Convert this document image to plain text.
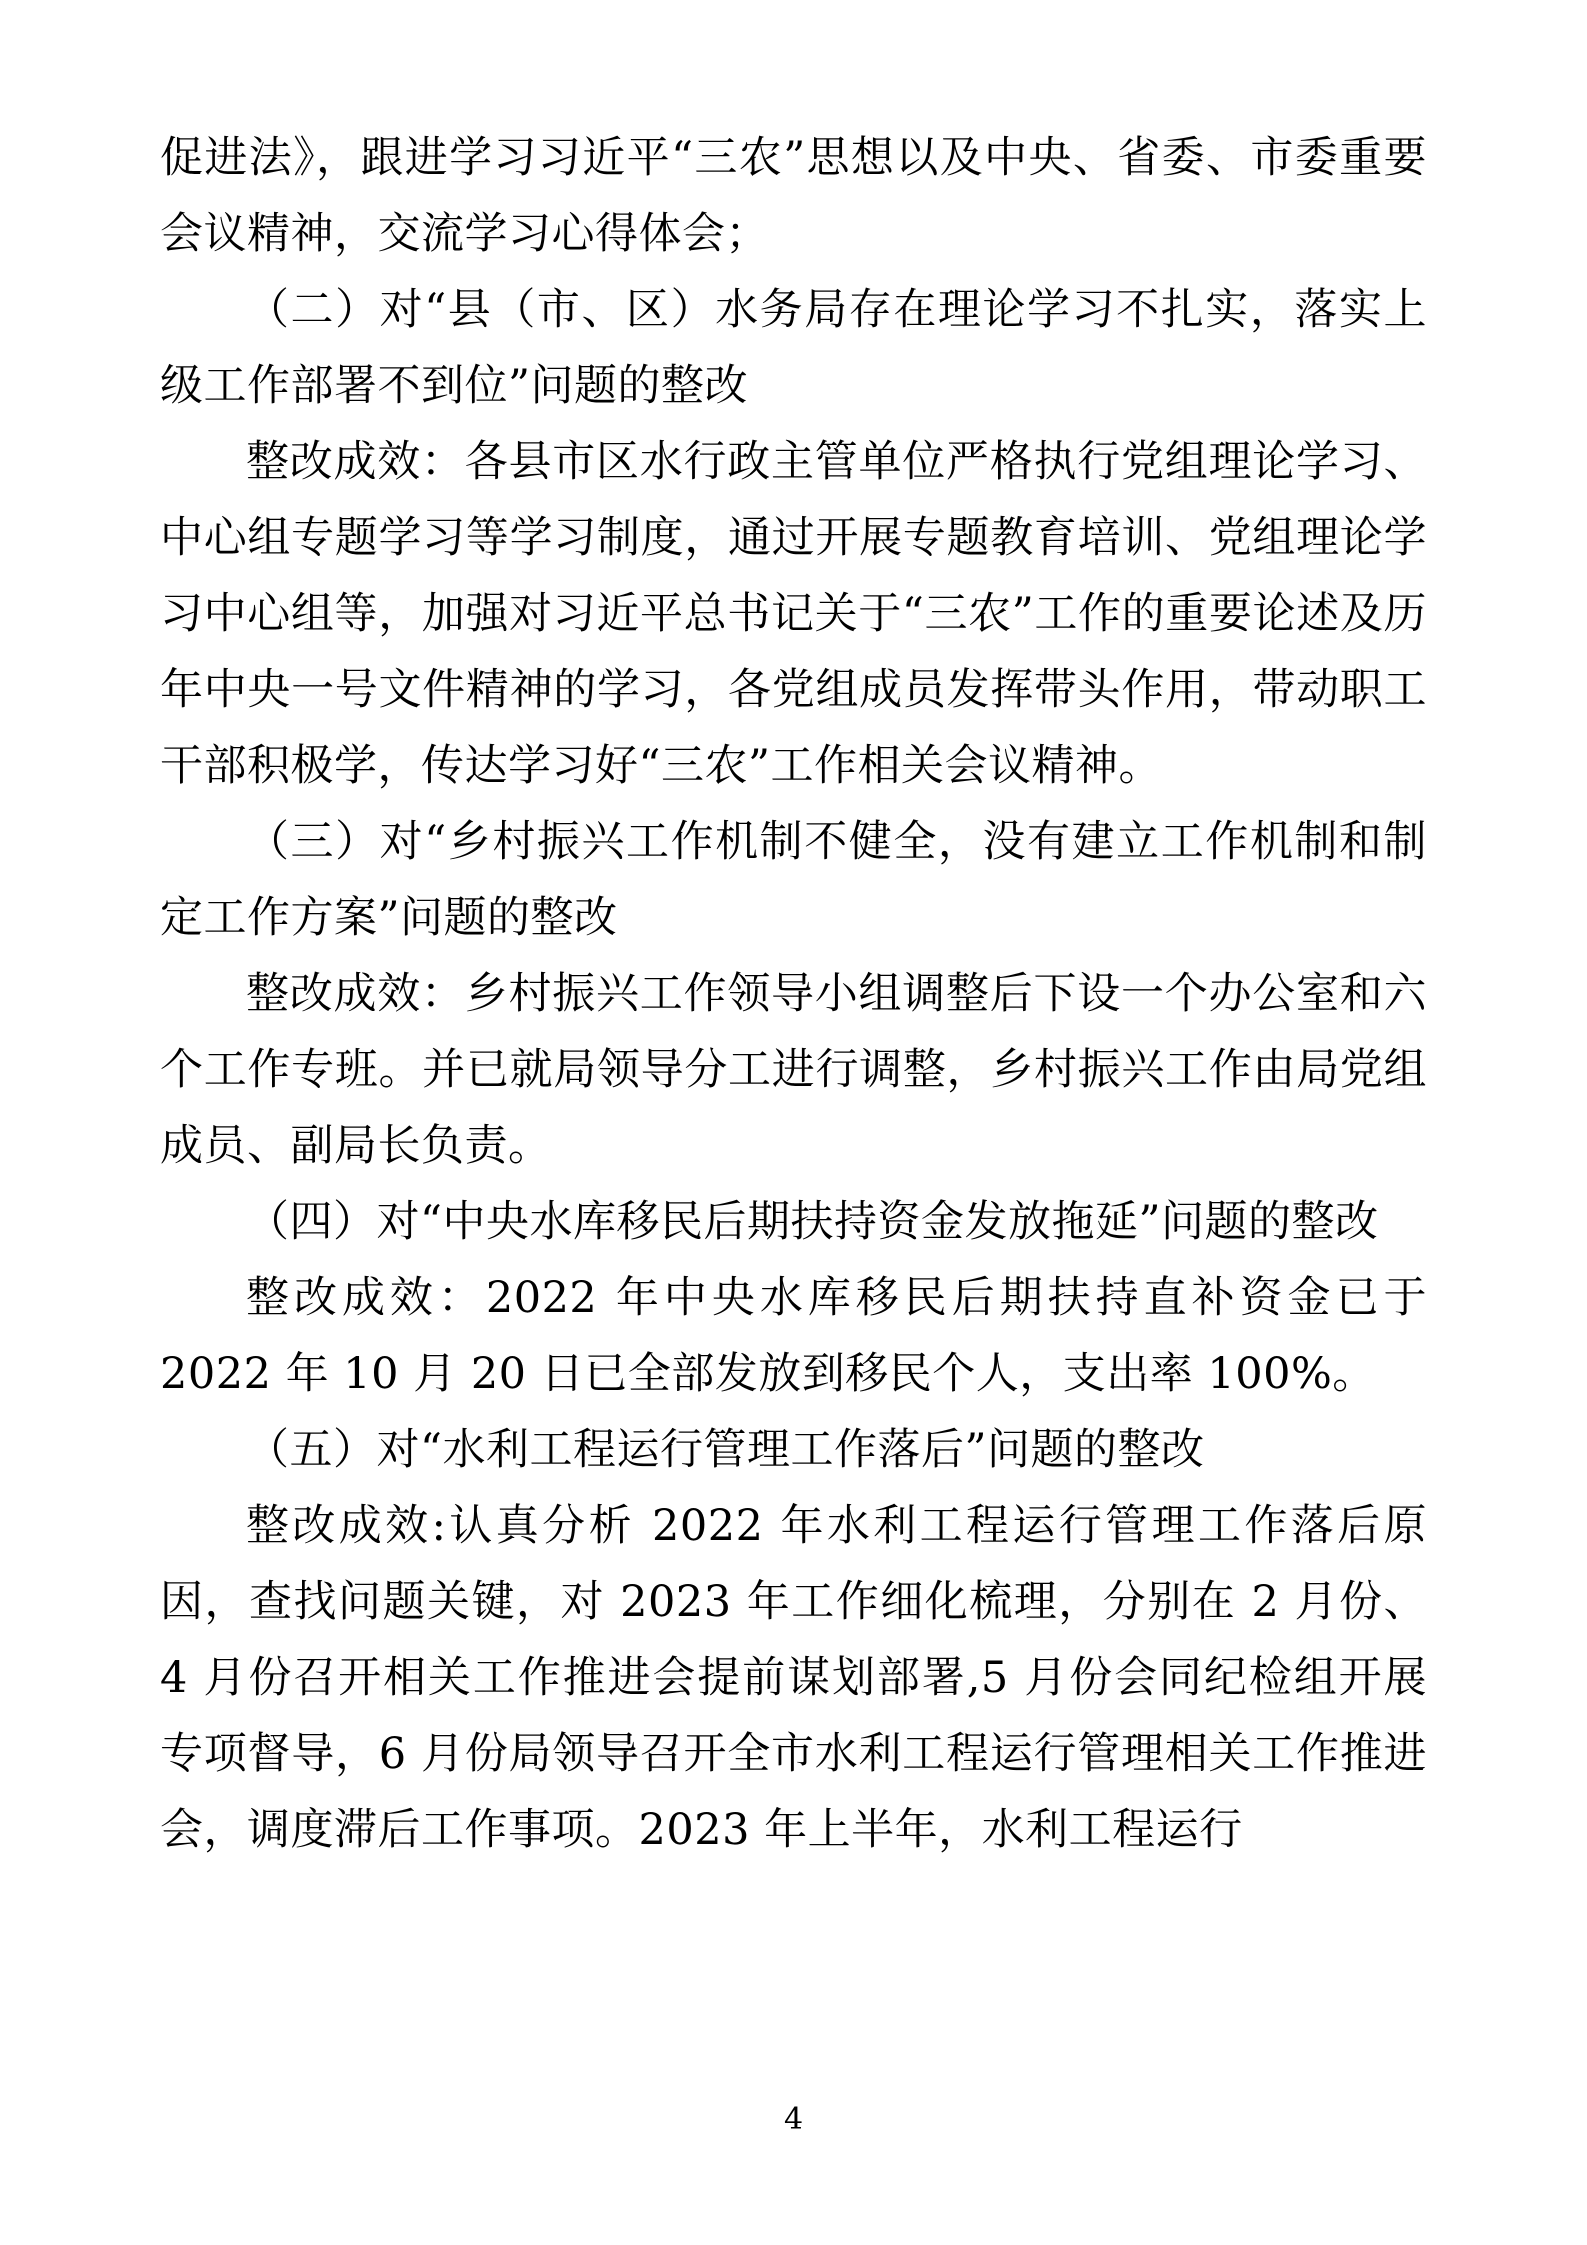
促进法》，跟进学习习近平“三农”思想以及中央、省委、市委重要会议精神，交流学习心得体会；

（二）对“县（市、区）水务局存在理论学习不扎实，落实上级工作部署不到位”问题的整改

整改成效：各县市区水行政主管单位严格执行党组理论学习、中心组专题学习等学习制度，通过开展专题教育培训、党组理论学习中心组等，加强对习近平总书记关于“三农”工作的重要论述及历年中央一号文件精神的学习，各党组成员发挥带头作用，带动职工干部积极学，传达学习好“三农”工作相关会议精神。

（三）对“乡村振兴工作机制不健全，没有建立工作机制和制定工作方案”问题的整改

整改成效：乡村振兴工作领导小组调整后下设一个办公室和六个工作专班。并已就局领导分工进行调整，乡村振兴工作由局党组成员、副局长负责。

（四）对“中央水库移民后期扶持资金发放拖延”问题的整改

整改成效：2022 年中央水库移民后期扶持直补资金已于 2022 年 10 月 20 日已全部发放到移民个人，支出率 100%。

（五）对“水利工程运行管理工作落后”问题的整改

整改成效:认真分析 2022 年水利工程运行管理工作落后原因，查找问题关键，对 2023 年工作细化梳理，分别在 2 月份、4 月份召开相关工作推进会提前谋划部署,5 月份会同纪检组开展专项督导，6 月份局领导召开全市水利工程运行管理相关工作推进会，调度滞后工作事项。2023 年上半年，水利工程运行

4
